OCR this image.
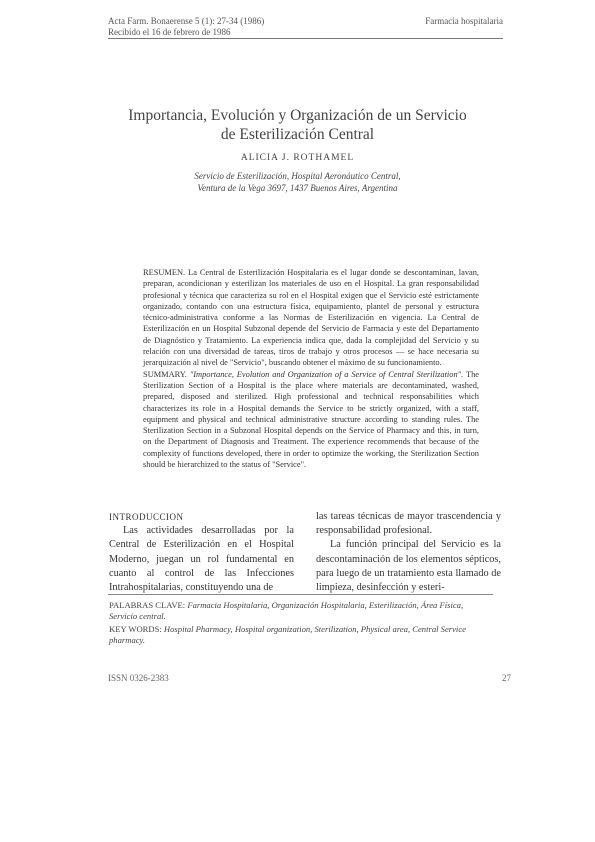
Acta Farm. Bonaerense 5 (1): 27-34 (1986)
Recibido el 16 de febrero de 1986
Farmacia hospitalaria
Importancia, Evolución y Organización de un Servicio de Esterilización Central
ALICIA J. ROTHAMEL
Servicio de Esterilización, Hospital Aeronáutico Central,
Ventura de la Vega 3697, 1437 Buenos Aires, Argentina

RESUMEN. La Central de Esterilización Hospitalaria es el lugar donde se descontaminan, lavan, preparan, acondicionan y esterilizan los materiales de uso en el Hospital. La gran responsabilidad profesional y técnica que caracteriza su rol en el Hospital exigen que el Servicio esté estrictamente organizado, contando con una estructura física, equipamiento, plantel de personal y estructura técnico-administrativa conforme a las Normas de Esterilización en vigencia. La Central de Esterilización en un Hospital Subzonal depende del Servicio de Farmacia y este del Departamento de Diagnóstico y Tratamiento. La experiencia indica que, dada la complejidad del Servicio y su relación con una diversidad de tareas, tiros de trabajo y otros procesos — se hace necesaria su jerarquización al nivel de "Servicio", buscando obtener el máximo de su funcionamiento.

SUMMARY. "Importance, Evolution and Organization of a Service of Central Sterilization". The Sterilization Section of a Hospital is the place where materials are decontaminated, washed, prepared, disposed and sterilized. High professional and technical responsabilities which characterizes its role in a Hospital demands the Service to be strictly organized, with a staff, equipment and physical and technical administrative structure according to standing rules. The Sterilization Section in a Subzonal Hospital depends on the Service of Pharmacy and this, in turn, on the Department of Diagnosis and Treatment. The experience recommends that because of the complexity of functions developed, there in order to optimize the working, the Sterilization Section should be hierarchized to the status of "Service".

INTRODUCCION
Las actividades desarrolladas por la Central de Esterilización en el Hospital Moderno, juegan un rol fundamental en cuanto al control de las Infecciones Intrahospitalarias, constituyendo una de
las tareas técnicas de mayor trascendencia y responsabilidad profesional.
La función principal del Servicio es la descontaminación de los elementos sépticos, para luego de un tratamiento esta llamado de limpieza, desinfección y esteri-

PALABRAS CLAVE: Farmacia Hospitalaria, Organización Hospitalaria, Esterilización, Área Física, Servicio central.

KEY WORDS: Hospital Pharmacy, Hospital organization, Sterilization, Physical area, Central Service pharmacy.

ISSN 0326-2383	27
